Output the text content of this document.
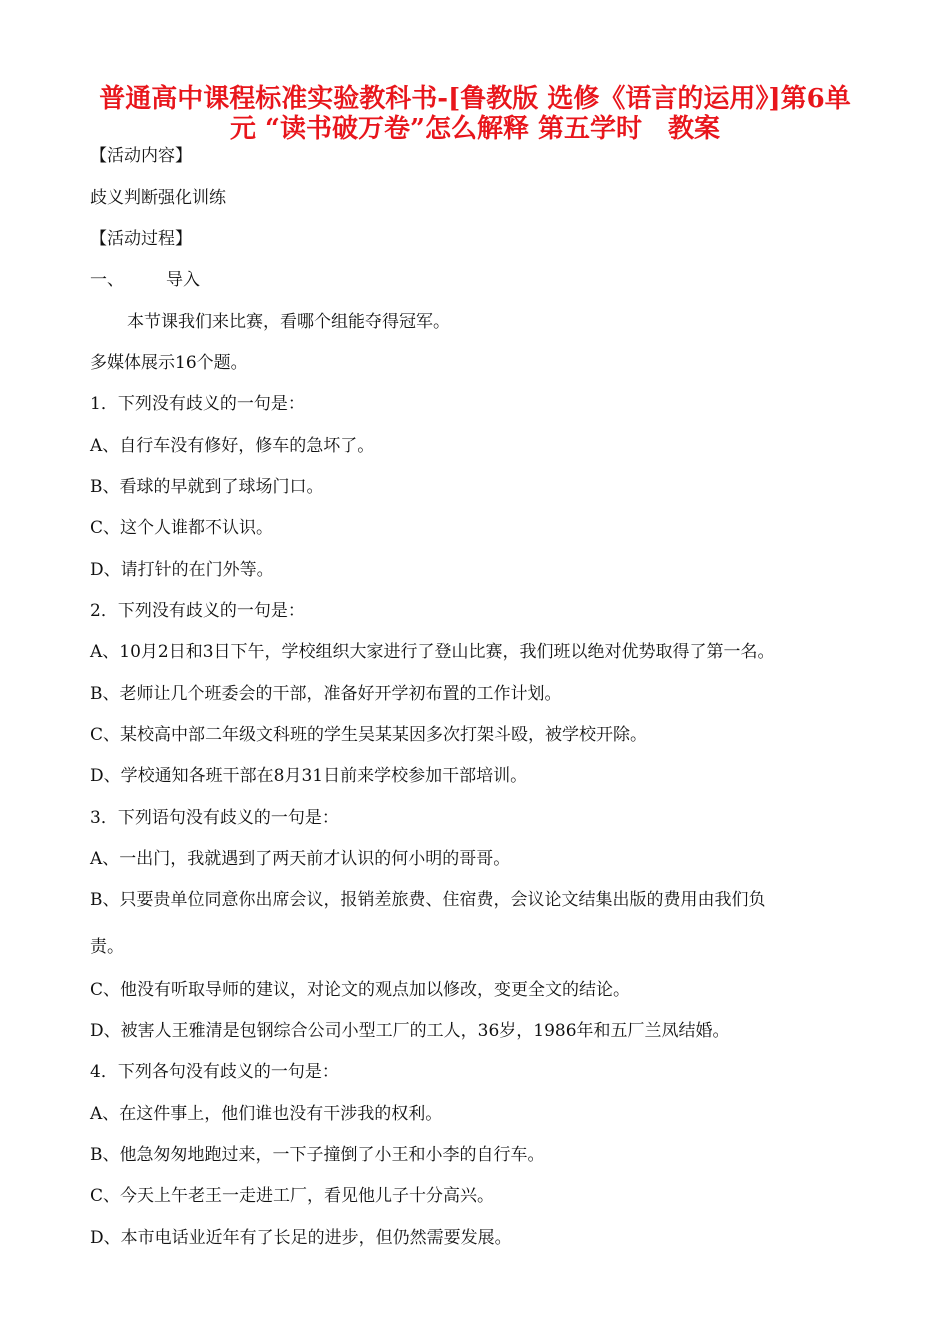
普通高中课程标准实验教科书-[鲁教版 选修《语言的运用》]第6单
元 “读书破万卷”怎么解释 第五学时　教案
【活动内容】
歧义判断强化训练
【活动过程】
一、 导入
本节课我们来比赛，看哪个组能夺得冠军。
多媒体展示16个题。
1．下列没有歧义的一句是：
A、自行车没有修好，修车的急坏了。
B、看球的早就到了球场门口。
C、这个人谁都不认识。
D、请打针的在门外等。
2．下列没有歧义的一句是：
A、10月2日和3日下午，学校组织大家进行了登山比赛，我们班以绝对优势取得了第一名。
B、老师让几个班委会的干部，准备好开学初布置的工作计划。
C、某校高中部二年级文科班的学生吴某某因多次打架斗殴，被学校开除。
D、学校通知各班干部在8月31日前来学校参加干部培训。
3．下列语句没有歧义的一句是：
A、一出门，我就遇到了两天前才认识的何小明的哥哥。
B、只要贵单位同意你出席会议，报销差旅费、住宿费，会议论文结集出版的费用由我们负
责。
C、他没有听取导师的建议，对论文的观点加以修改，变更全文的结论。
D、被害人王雅清是包钢综合公司小型工厂的工人，36岁，1986年和五厂兰凤结婚。
4．下列各句没有歧义的一句是：
A、在这件事上，他们谁也没有干涉我的权利。
B、他急匆匆地跑过来，一下子撞倒了小王和小李的自行车。
C、今天上午老王一走进工厂，看见他儿子十分高兴。
D、本市电话业近年有了长足的进步，但仍然需要发展。
